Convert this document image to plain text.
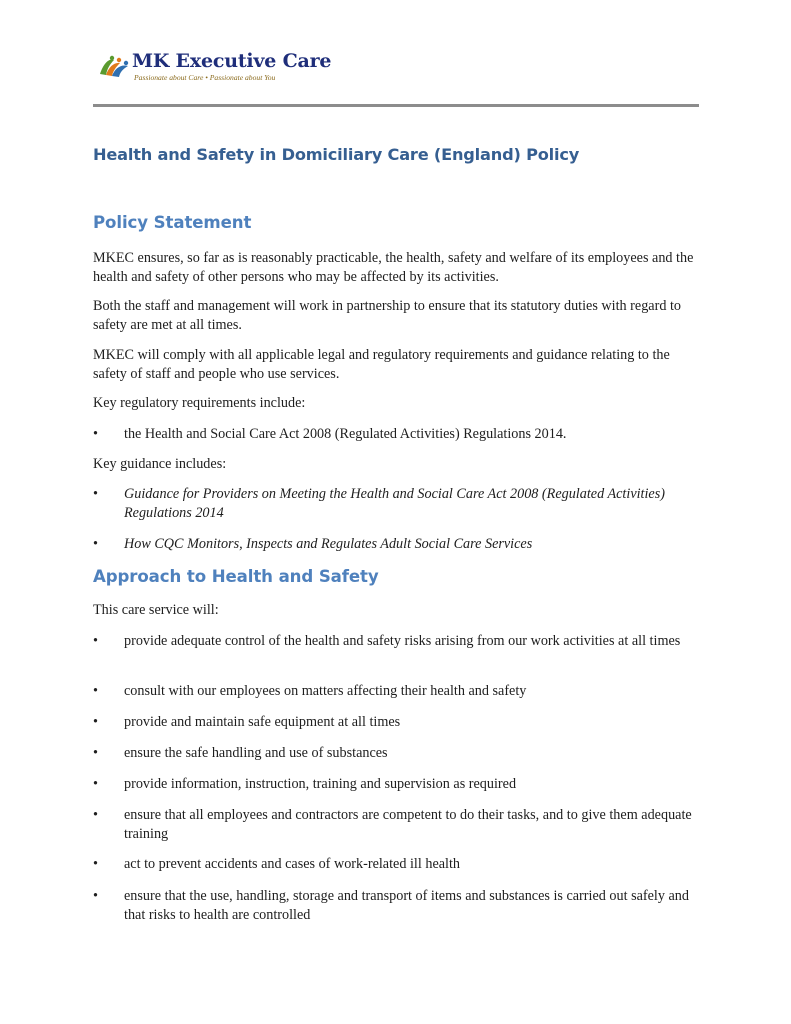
MK Executive Care
Passionate about Care • Passionate about You
Health and Safety in Domiciliary Care (England) Policy
Policy Statement

MKEC ensures, so far as is reasonably practicable, the health, safety and welfare of its employees and the health and safety of other persons who may be affected by its activities.

Both the staff and management will work in partnership to ensure that its statutory duties with regard to safety are met at all times.

MKEC will comply with all applicable legal and regulatory requirements and guidance relating to the safety of staff and people who use services.

Key regulatory requirements include:

•	the Health and Social Care Act 2008 (Regulated Activities) Regulations 2014.

Key guidance includes:

•	Guidance for Providers on Meeting the Health and Social Care Act 2008 (Regulated Activities) Regulations 2014
•	How CQC Monitors, Inspects and Regulates Adult Social Care Services
Approach to Health and Safety

This care service will:

•	provide adequate control of the health and safety risks arising from our work activities at all times
•	consult with our employees on matters affecting their health and safety
•	provide and maintain safe equipment at all times
•	ensure the safe handling and use of substances
•	provide information, instruction, training and supervision as required
•	ensure that all employees and contractors are competent to do their tasks, and to give them adequate training
•	act to prevent accidents and cases of work-related ill health
•	ensure that the use, handling, storage and transport of items and substances is carried out safely and that risks to health are controlled
